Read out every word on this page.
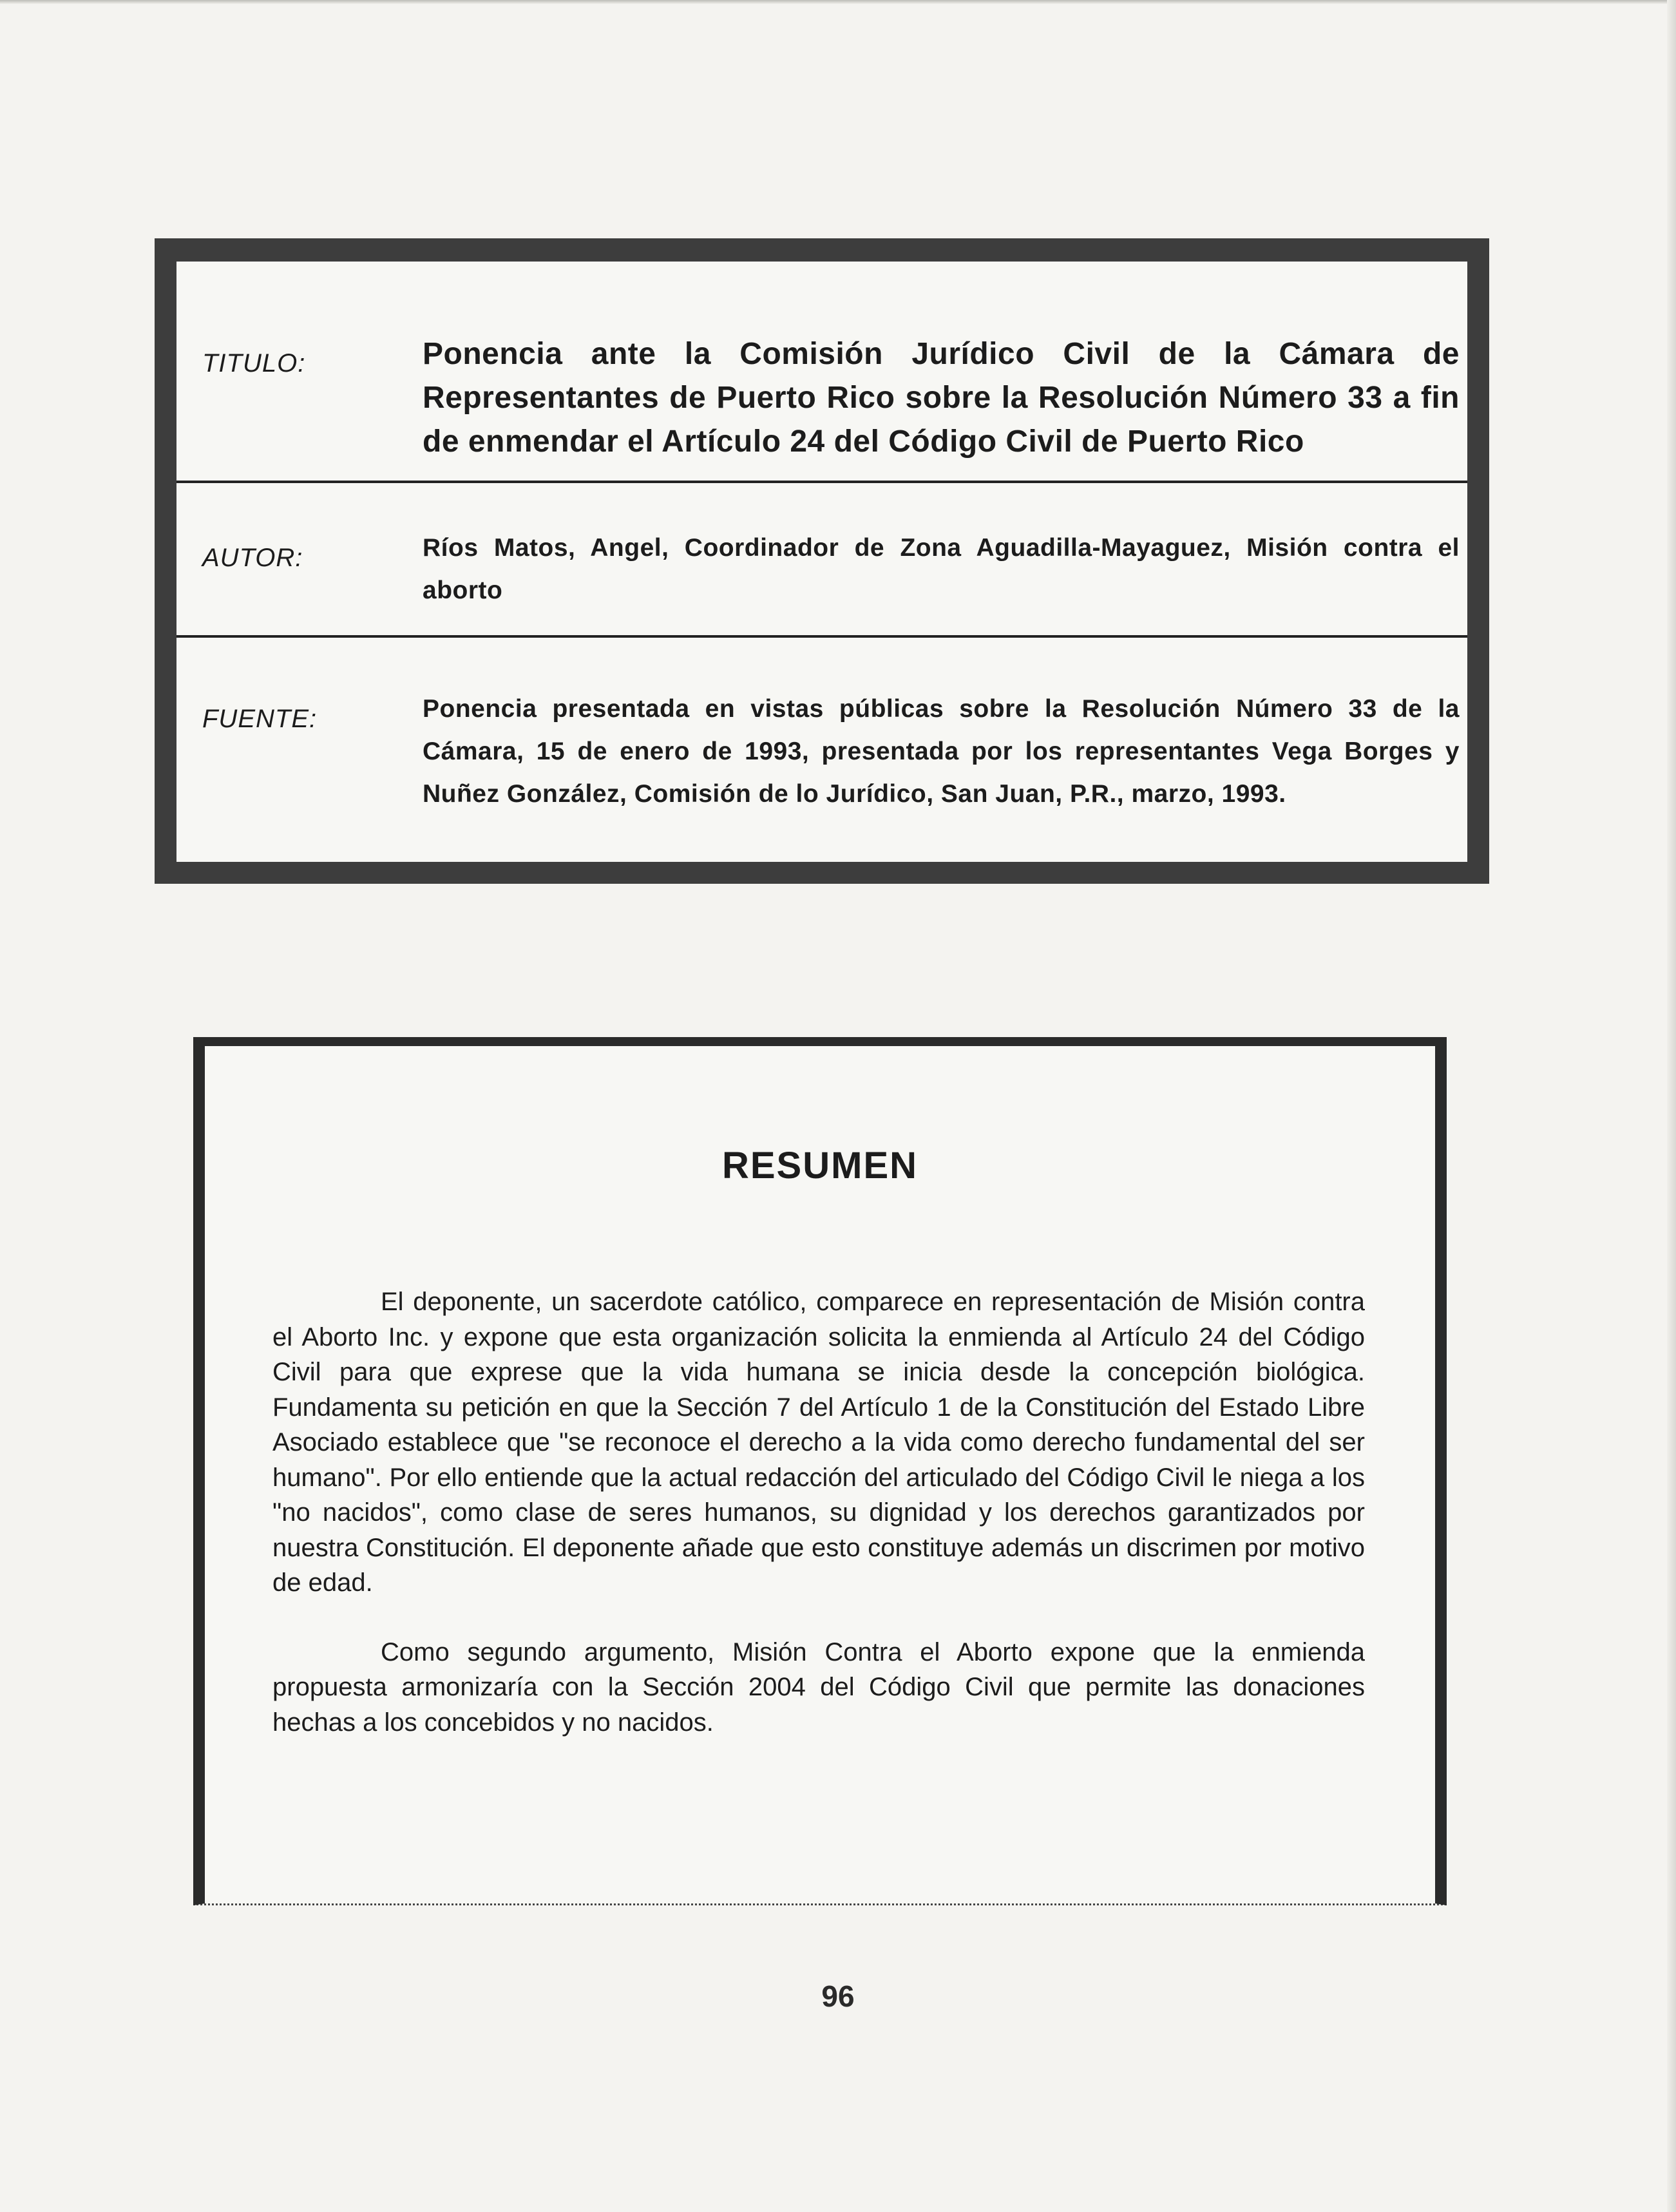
TITULO:	Ponencia ante la Comisión Jurídico Civil de la Cámara de Representantes de Puerto Rico sobre la Resolución Número 33 a fin de enmendar el Artículo 24 del Código Civil de Puerto Rico
AUTOR:	Ríos Matos, Angel, Coordinador de Zona Aguadilla-Mayaguez, Misión contra el aborto
FUENTE:	Ponencia presentada en vistas públicas sobre la Resolución Número 33 de la Cámara, 15 de enero de 1993, presentada por los representantes Vega Borges y Nuñez González, Comisión de lo Jurídico, San Juan, P.R., marzo, 1993.
RESUMEN

El deponente, un sacerdote católico, comparece en representación de Misión contra el Aborto Inc. y expone que esta organización solicita la enmienda al Artículo 24 del Código Civil para que exprese que la vida humana se inicia desde la concepción biológica. Fundamenta su petición en que la Sección 7 del Artículo 1 de la Constitución del Estado Libre Asociado establece que "se reconoce el derecho a la vida como derecho fundamental del ser humano". Por ello entiende que la actual redacción del articulado del Código Civil le niega a los "no nacidos", como clase de seres humanos, su dignidad y los derechos garantizados por nuestra Constitución. El deponente añade que esto constituye además un discrimen por motivo de edad.

Como segundo argumento, Misión Contra el Aborto expone que la enmienda propuesta armonizaría con la Sección 2004 del Código Civil que permite las donaciones hechas a los concebidos y no nacidos.

96
